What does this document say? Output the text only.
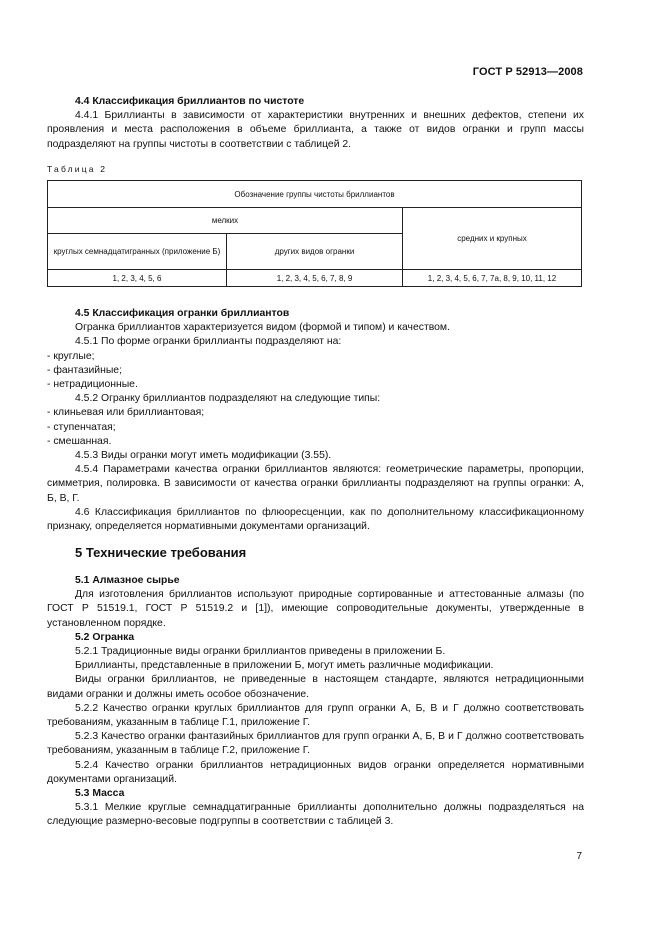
ГОСТ Р 52913—2008

4.4 Классификация бриллиантов по чистоте

4.4.1 Бриллианты в зависимости от характеристики внутренних и внешних дефектов, степени их проявления и места расположения в объеме бриллианта, а также от видов огранки и групп массы подразделяют на группы чистоты в соответствии с таблицей 2.

Таблица 2
Обозначение группы чистоты бриллиантов		
мелких		средних и крупных
круглых семнадцатигранных (приложение Б)	других видов огранки	
1, 2, 3, 4, 5, 6	1, 2, 3, 4, 5, 6, 7, 8, 9	1, 2, 3, 4, 5, 6, 7, 7а, 8, 9, 10, 11, 12

4.5 Классификация огранки бриллиантов

Огранка бриллиантов характеризуется видом (формой и типом) и качеством.

4.5.1 По форме огранки бриллианты подразделяют на:

- круглые;

- фантазийные;

- нетрадиционные.

4.5.2 Огранку бриллиантов подразделяют на следующие типы:

- клиньевая или бриллиантовая;

- ступенчатая;

- смешанная.

4.5.3 Виды огранки могут иметь модификации (3.55).

4.5.4 Параметрами качества огранки бриллиантов являются: геометрические параметры, пропорции, симметрия, полировка. В зависимости от качества огранки бриллианты подразделяют на группы огранки: А, Б, В, Г.

4.6 Классификация бриллиантов по флюоресценции, как по дополнительному классификационному признаку, определяется нормативными документами организаций.

5 Технические требования

5.1 Алмазное сырье

Для изготовления бриллиантов используют природные сортированные и аттестованные алмазы (по ГОСТ Р 51519.1, ГОСТ Р 51519.2 и [1]), имеющие сопроводительные документы, утвержденные в установленном порядке.

5.2 Огранка

5.2.1 Традиционные виды огранки бриллиантов приведены в приложении Б.

Бриллианты, представленные в приложении Б, могут иметь различные модификации.

Виды огранки бриллиантов, не приведенные в настоящем стандарте, являются нетрадиционными видами огранки и должны иметь особое обозначение.

5.2.2 Качество огранки круглых бриллиантов для групп огранки А, Б, В и Г должно соответствовать требованиям, указанным в таблице Г.1, приложение Г.

5.2.3 Качество огранки фантазийных бриллиантов для групп огранки А, Б, В и Г должно соответствовать требованиям, указанным в таблице Г.2, приложение Г.

5.2.4 Качество огранки бриллиантов нетрадиционных видов огранки определяется нормативными документами организаций.

5.3 Масса

5.3.1 Мелкие круглые семнадцатигранные бриллианты дополнительно должны подразделяться на следующие размерно-весовые подгруппы в соответствии с таблицей 3.

7
